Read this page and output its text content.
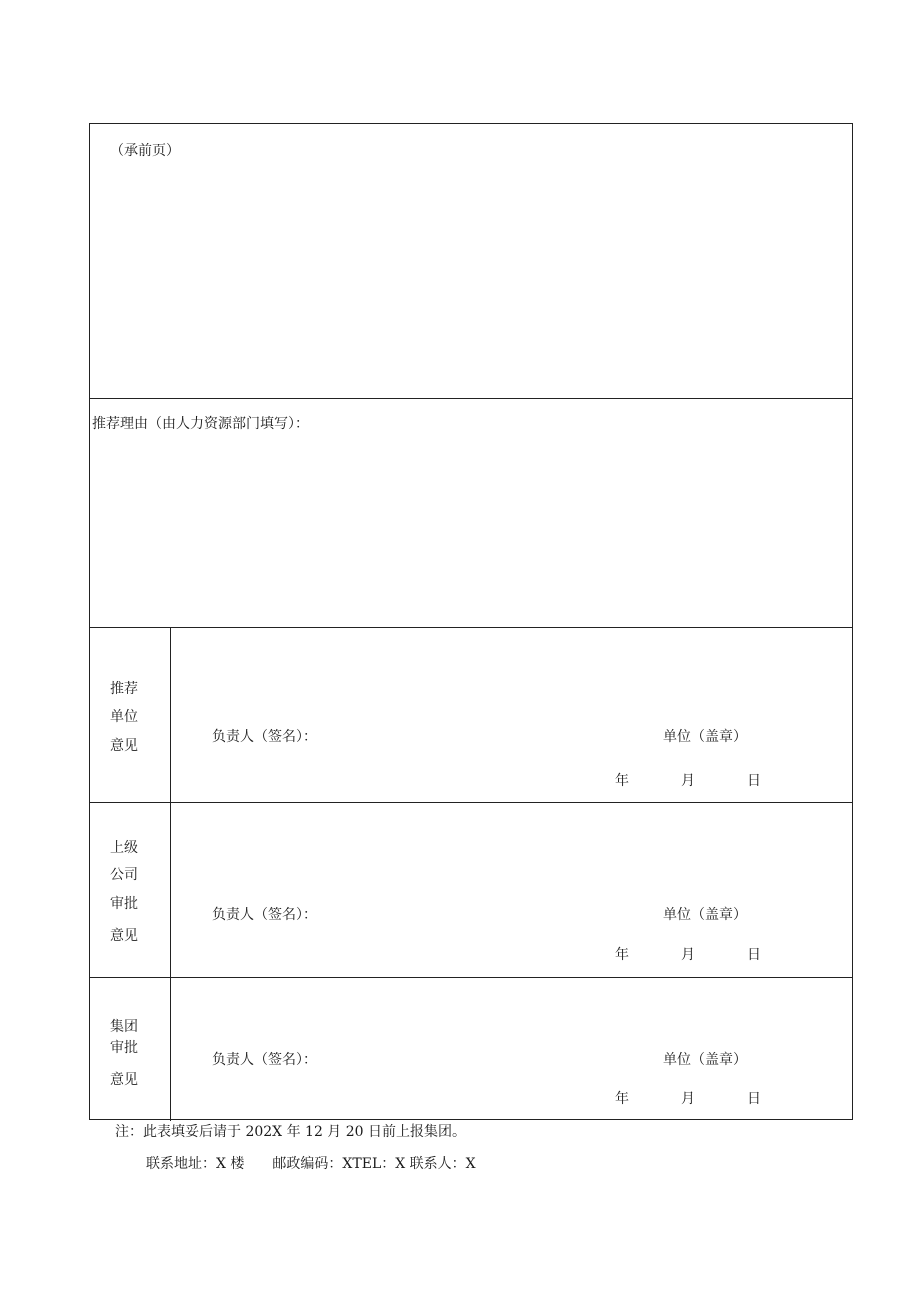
（承前页）
推荐理由（由人力资源部门填写）：
推荐
单位
意见
负责人（签名）：	单位（盖章）
年	月	日
上级
公司
审批
意见
负责人（签名）：	单位（盖章）
年	月	日
集团
审批
意见
负责人（签名）：	单位（盖章）
年	月	日
注：此表填妥后请于 202X 年 12 月 20 日前上报集团。
联系地址：X 楼　　邮政编码：XTEL：X 联系人：X
